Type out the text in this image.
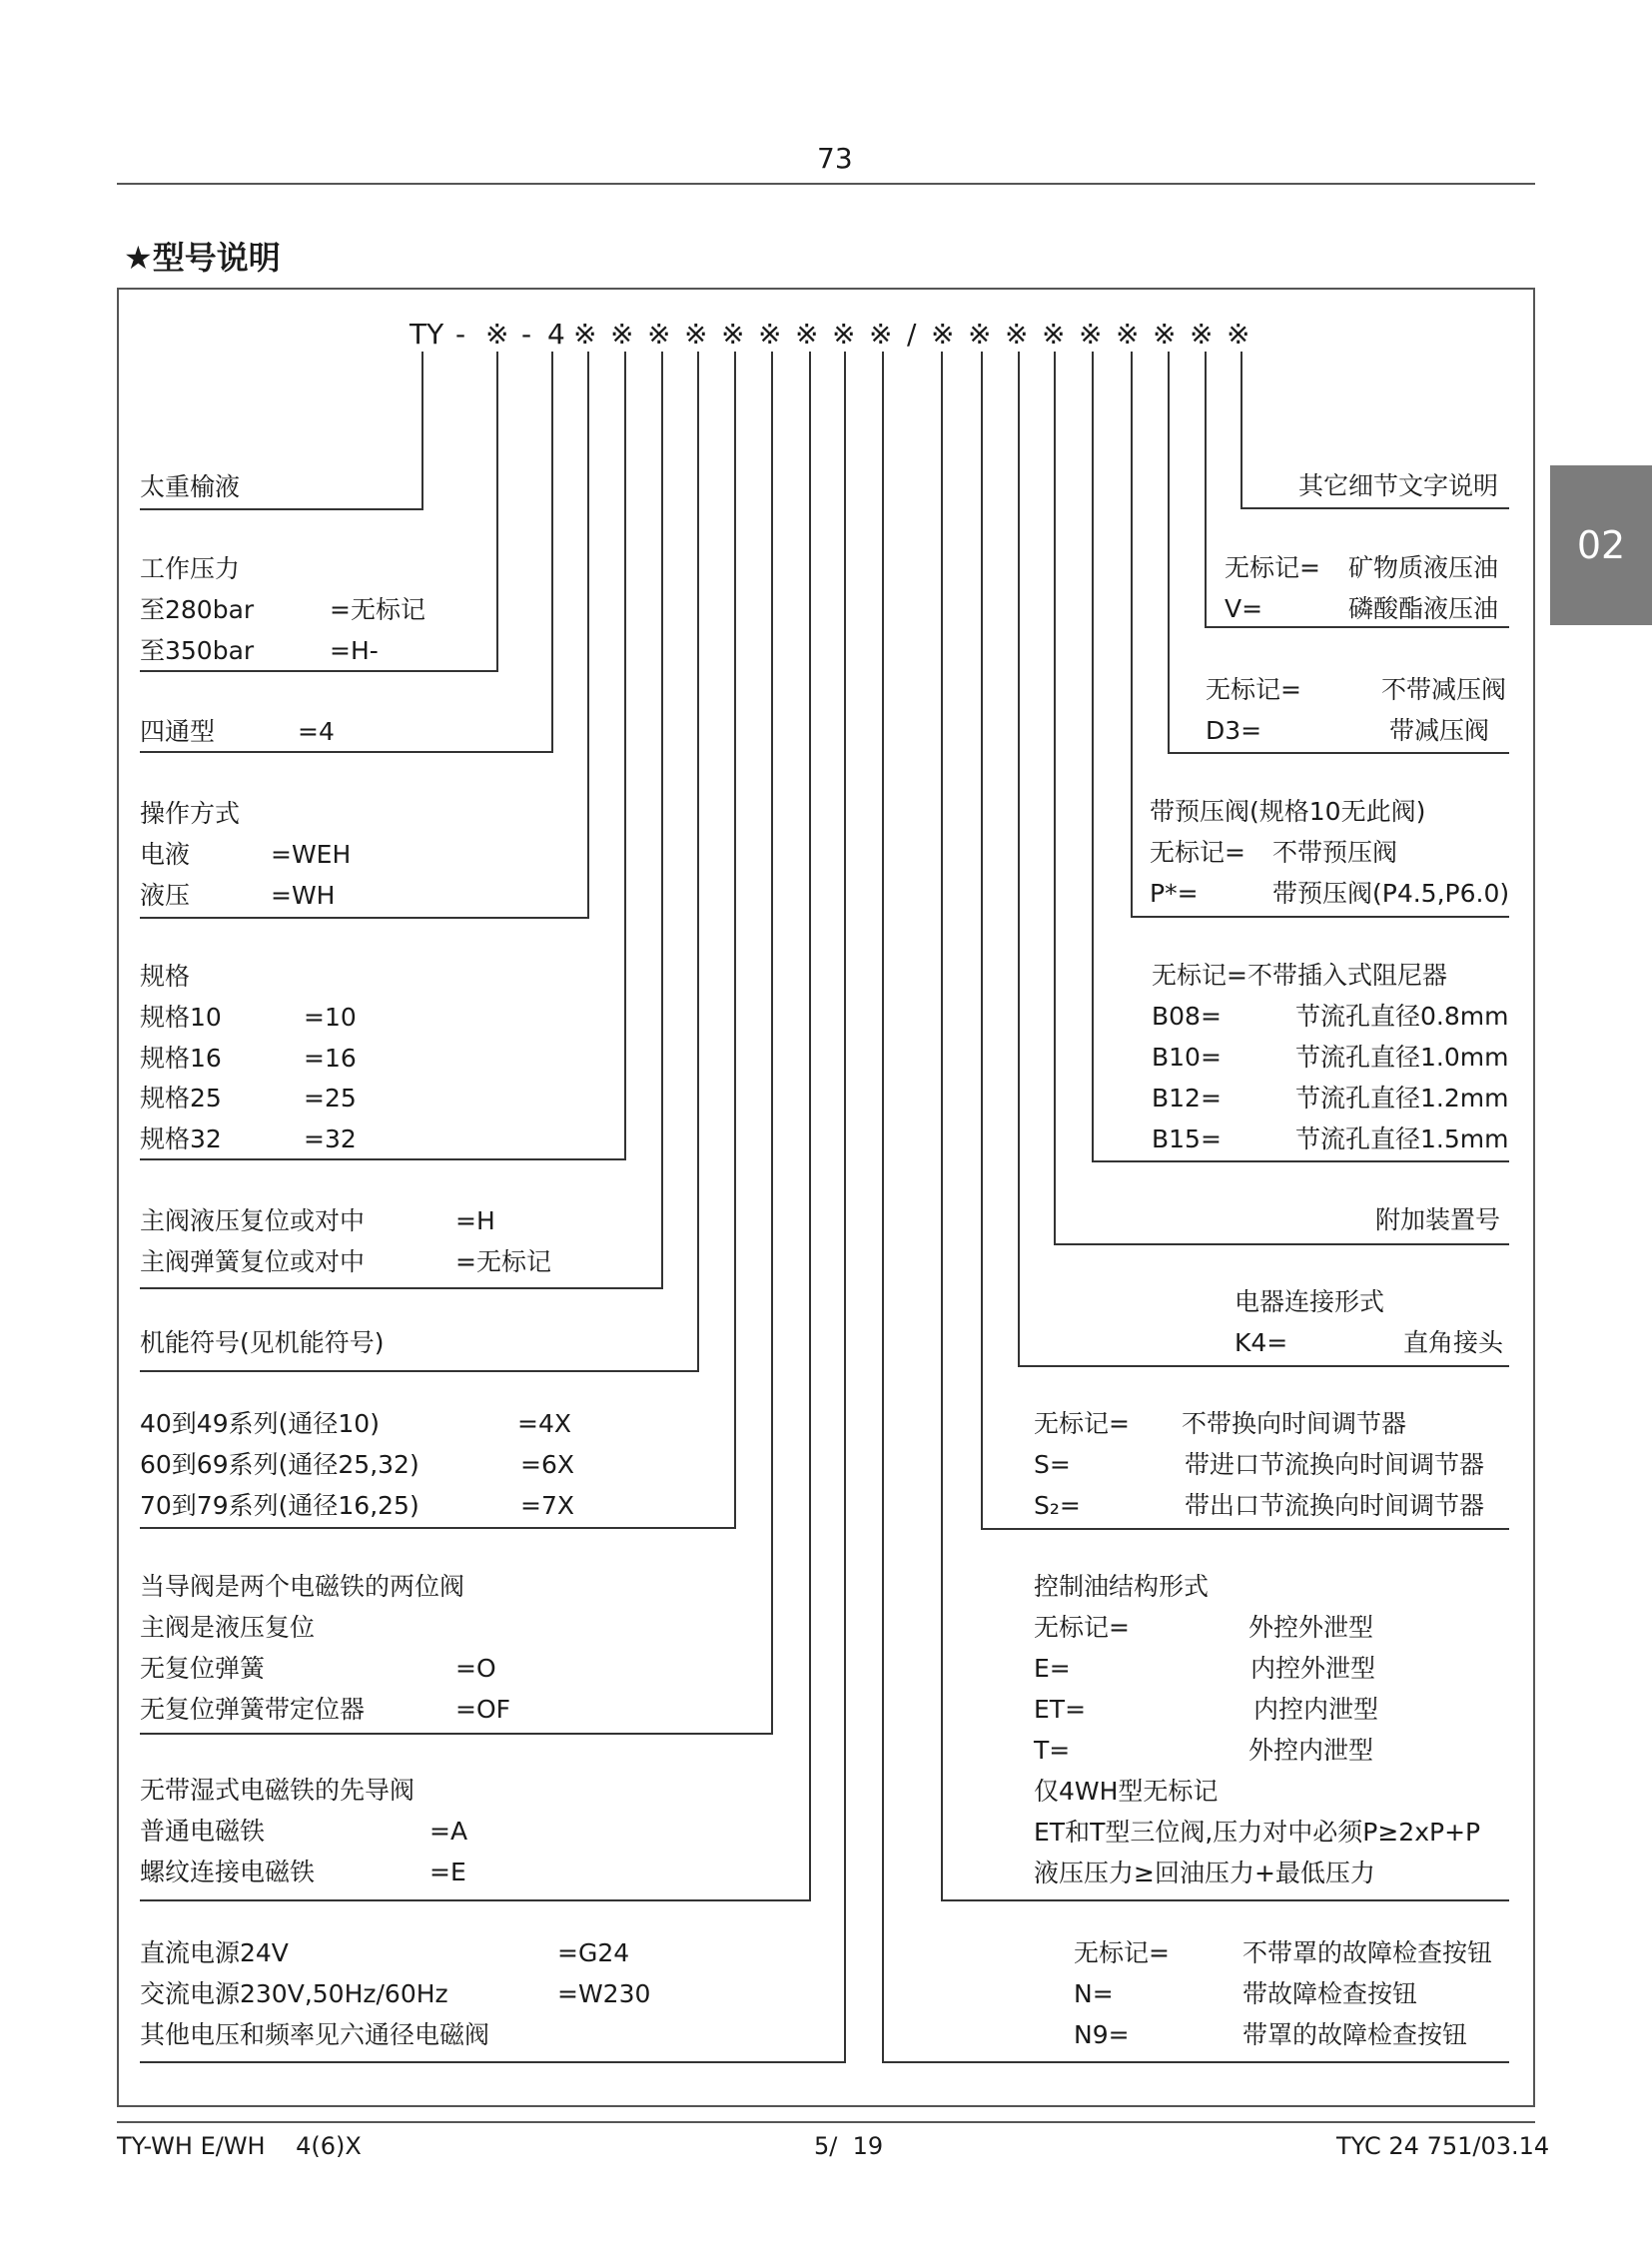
73
★型号说明
02
TY - ※ - 4 ※ ※ ※ ※ ※ ※ ※ ※ ※ / ※ ※ ※ ※ ※ ※ ※ ※ ※
太重榆液
工作压力
至280bar	=无标记
至350bar	=H-
四通型	=4
操作方式
电液	=WEH
液压	=WH
规格
规格10	=10
规格16	=16
规格25	=25
规格32	=32
主阀液压复位或对中	=H
主阀弹簧复位或对中	=无标记
机能符号(见机能符号)
40到49系列(通径10)	=4X
60到69系列(通径25,32)	=6X
70到79系列(通径16,25)	=7X
当导阀是两个电磁铁的两位阀
主阀是液压复位
无复位弹簧	=O
无复位弹簧带定位器	=OF
无带湿式电磁铁的先导阀
普通电磁铁	=A
螺纹连接电磁铁	=E
直流电源24V	=G24
交流电源230V,50Hz/60Hz	=W230
其他电压和频率见六通径电磁阀
其它细节文字说明
无标记= 矿物质液压油
V=	磷酸酯液压油
无标记=	不带减压阀
D3=	带减压阀
带预压阀(规格10无此阀)
无标记= 不带预压阀
P*=	带预压阀(P4.5,P6.0)
无标记=不带插入式阻尼器
B08=	节流孔直径0.8mm
B10=	节流孔直径1.0mm
B12=	节流孔直径1.2mm
B15=	节流孔直径1.5mm
附加装置号
电器连接形式
K4=	直角接头
无标记= 不带换向时间调节器
S=	带进口节流换向时间调节器
S₂=	带出口节流换向时间调节器
控制油结构形式
无标记=	外控外泄型
E=	内控外泄型
ET=	内控内泄型
T=	外控内泄型
仅4WH型无标记
ET和T型三位阀,压力对中必须P≥2xP+P
液压压力≥回油压力+最低压力
无标记=	不带罩的故障检查按钮
N=	带故障检查按钮
N9=	带罩的故障检查按钮
TY-WH E/WH    4(6)X	5/  19	TYC 24 751/03.14
